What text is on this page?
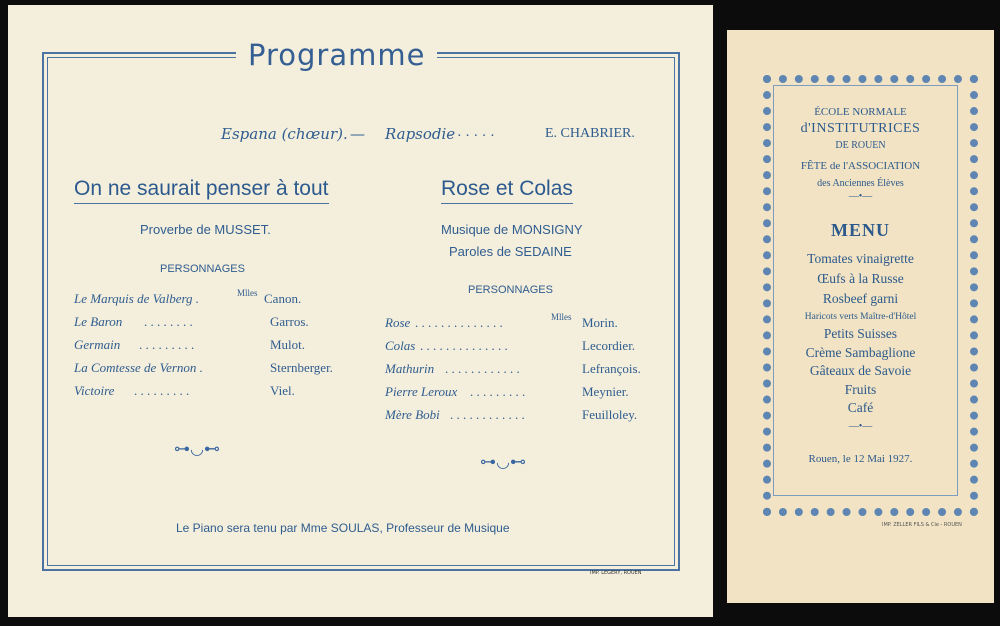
Programme
Espana (chœur). — Rapsodie
. . . . . .	E. CHABRIER.
On ne saurait penser à tout
Proverbe de MUSSET.
PERSONNAGES
Le Marquis de Valberg .	Mlles Canon.
Le Baron . . . . . . . .	Garros.
Germain . . . . . . . . .	Mulot.
La Comtesse de Vernon .	Sternberger.
Victoire . . . . . . . . .	Viel.
⊶◡⊷
Rose et Colas
Musique de MONSIGNY
Paroles de SEDAINE
PERSONNAGES
Rose . . . . . . . . . . . . . .	Mlles Morin.
Colas . . . . . . . . . . . . . .	Lecordier.
Mathurin . . . . . . . . . . . .	Lefrançois.
Pierre Leroux . . . . . . . . .	Meynier.
Mère Bobi . . . . . . . . . . . .	Feuilloley.
⊶◡⊷
Le Piano sera tenu par Mme SOULAS, Professeur de Musique
IMP. LEGERY, ROUEN
ÉCOLE NORMALE
d'INSTITUTRICES
DE ROUEN
FÊTE de l'ASSOCIATION
des Anciennes Élèves
—•—
MENU
Tomates vinaigrette
Œufs à la Russe
Rosbeef garni
Haricots verts Maître-d'Hôtel
Petits Suisses
Crème Sambaglione
Gâteaux de Savoie
Fruits
Café
—•—
Rouen, le 12 Mai 1927.
IMP. ZELLER FILS & Cie - ROUEN
